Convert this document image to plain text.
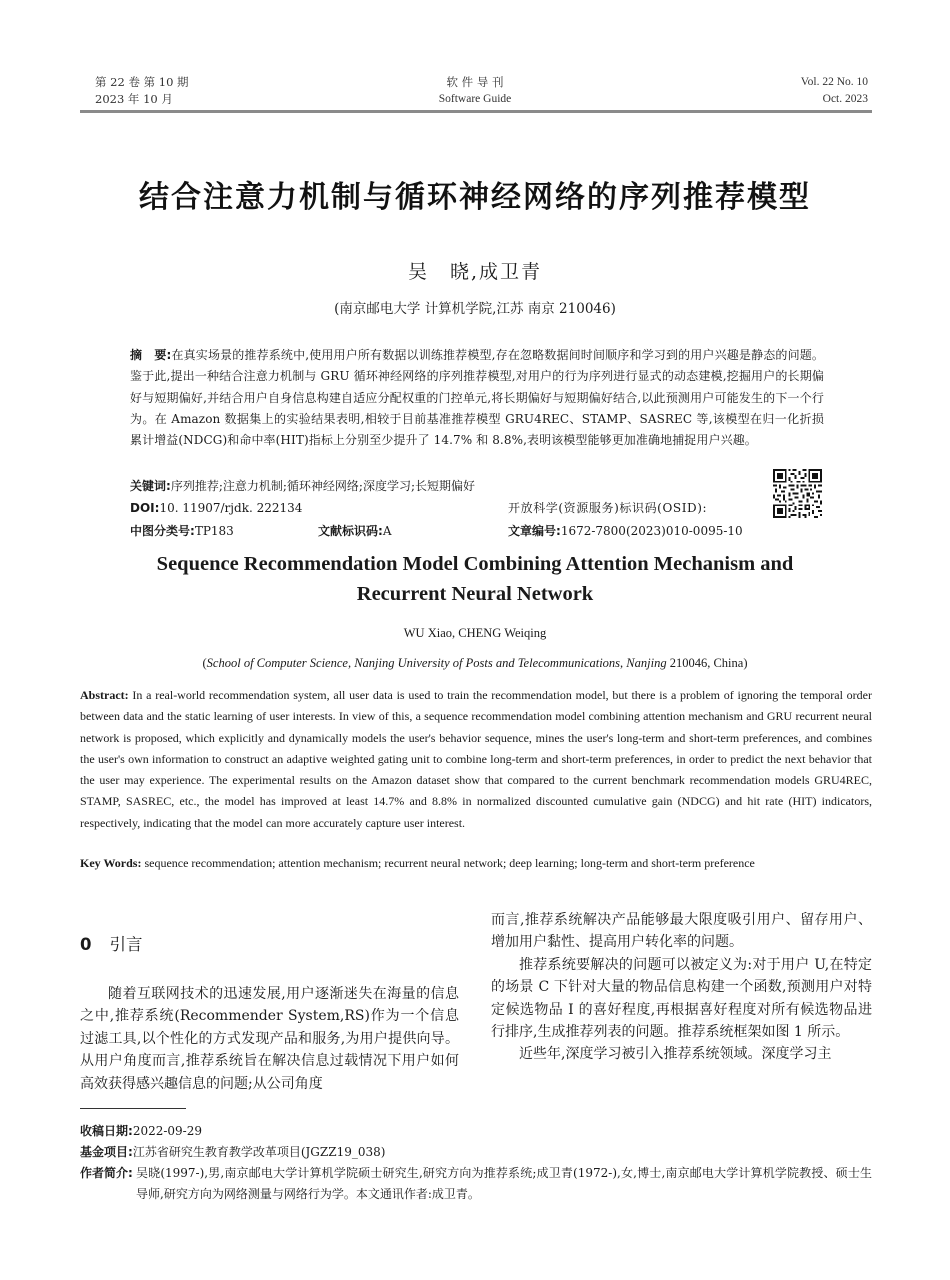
第 22 卷 第 10 期
2023 年 10 月
软 件 导 刊
Software Guide
Vol. 22 No. 10
Oct. 2023
结合注意力机制与循环神经网络的序列推荐模型
吴　晓,成卫青
(南京邮电大学 计算机学院,江苏 南京 210046)
摘　要:在真实场景的推荐系统中,使用用户所有数据以训练推荐模型,存在忽略数据间时间顺序和学习到的用户兴趣是静态的问题。鉴于此,提出一种结合注意力机制与 GRU 循环神经网络的序列推荐模型,对用户的行为序列进行显式的动态建模,挖掘用户的长期偏好与短期偏好,并结合用户自身信息构建自适应分配权重的门控单元,将长期偏好与短期偏好结合,以此预测用户可能发生的下一个行为。在 Amazon 数据集上的实验结果表明,相较于目前基准推荐模型 GRU4REC、STAMP、SASREC 等,该模型在归一化折损累计增益(NDCG)和命中率(HIT)指标上分别至少提升了 14.7% 和 8.8%,表明该模型能够更加准确地捕捉用户兴趣。
关键词:序列推荐;注意力机制;循环神经网络;深度学习;长短期偏好
DOI:10. 11907/rjdk. 222134	开放科学(资源服务)标识码(OSID):
中图分类号:TP183	文献标识码:A	文章编号:1672-7800(2023)010-0095-10
Sequence Recommendation Model Combining Attention Mechanism and
Recurrent Neural Network
WU Xiao, CHENG Weiqing
(School of Computer Science, Nanjing University of Posts and Telecommunications, Nanjing 210046, China)
Abstract: In a real-world recommendation system, all user data is used to train the recommendation model, but there is a problem of ignoring the temporal order between data and the static learning of user interests. In view of this, a sequence recommendation model combining attention mechanism and GRU recurrent neural network is proposed, which explicitly and dynamically models the user's behavior sequence, mines the user's long-term and short-term preferences, and combines the user's own information to construct an adaptive weighted gating unit to combine long-term and short-term preferences, in order to predict the next behavior that the user may experience. The experimental results on the Amazon dataset show that compared to the current benchmark recommendation models GRU4REC, STAMP, SASREC, etc., the model has improved at least 14.7% and 8.8% in normalized discounted cumulative gain (NDCG) and hit rate (HIT) indicators, respectively, indicating that the model can more accurately capture user interest.
Key Words: sequence recommendation; attention mechanism; recurrent neural network; deep learning; long-term and short-term preference
0 引言

随着互联网技术的迅速发展,用户逐渐迷失在海量的信息之中,推荐系统(Recommender System,RS)作为一个信息过滤工具,以个性化的方式发现产品和服务,为用户提供向导。从用户角度而言,推荐系统旨在解决信息过载情况下用户如何高效获得感兴趣信息的问题;从公司角度

而言,推荐系统解决产品能够最大限度吸引用户、留存用户、增加用户黏性、提高用户转化率的问题。

推荐系统要解决的问题可以被定义为:对于用户 U,在特定的场景 C 下针对大量的物品信息构建一个函数,预测用户对特定候选物品 I 的喜好程度,再根据喜好程度对所有候选物品进行排序,生成推荐列表的问题。推荐系统框架如图 1 所示。

近些年,深度学习被引入推荐系统领域。深度学习主

收稿日期:2022-09-29
基金项目:江苏省研究生教育教学改革项目(JGZZ19_038)
作者简介: 吴晓(1997-),男,南京邮电大学计算机学院硕士研究生,研究方向为推荐系统;成卫青(1972-),女,博士,南京邮电大学计算机学院教授、硕士生导师,研究方向为网络测量与网络行为学。本文通讯作者:成卫青。
